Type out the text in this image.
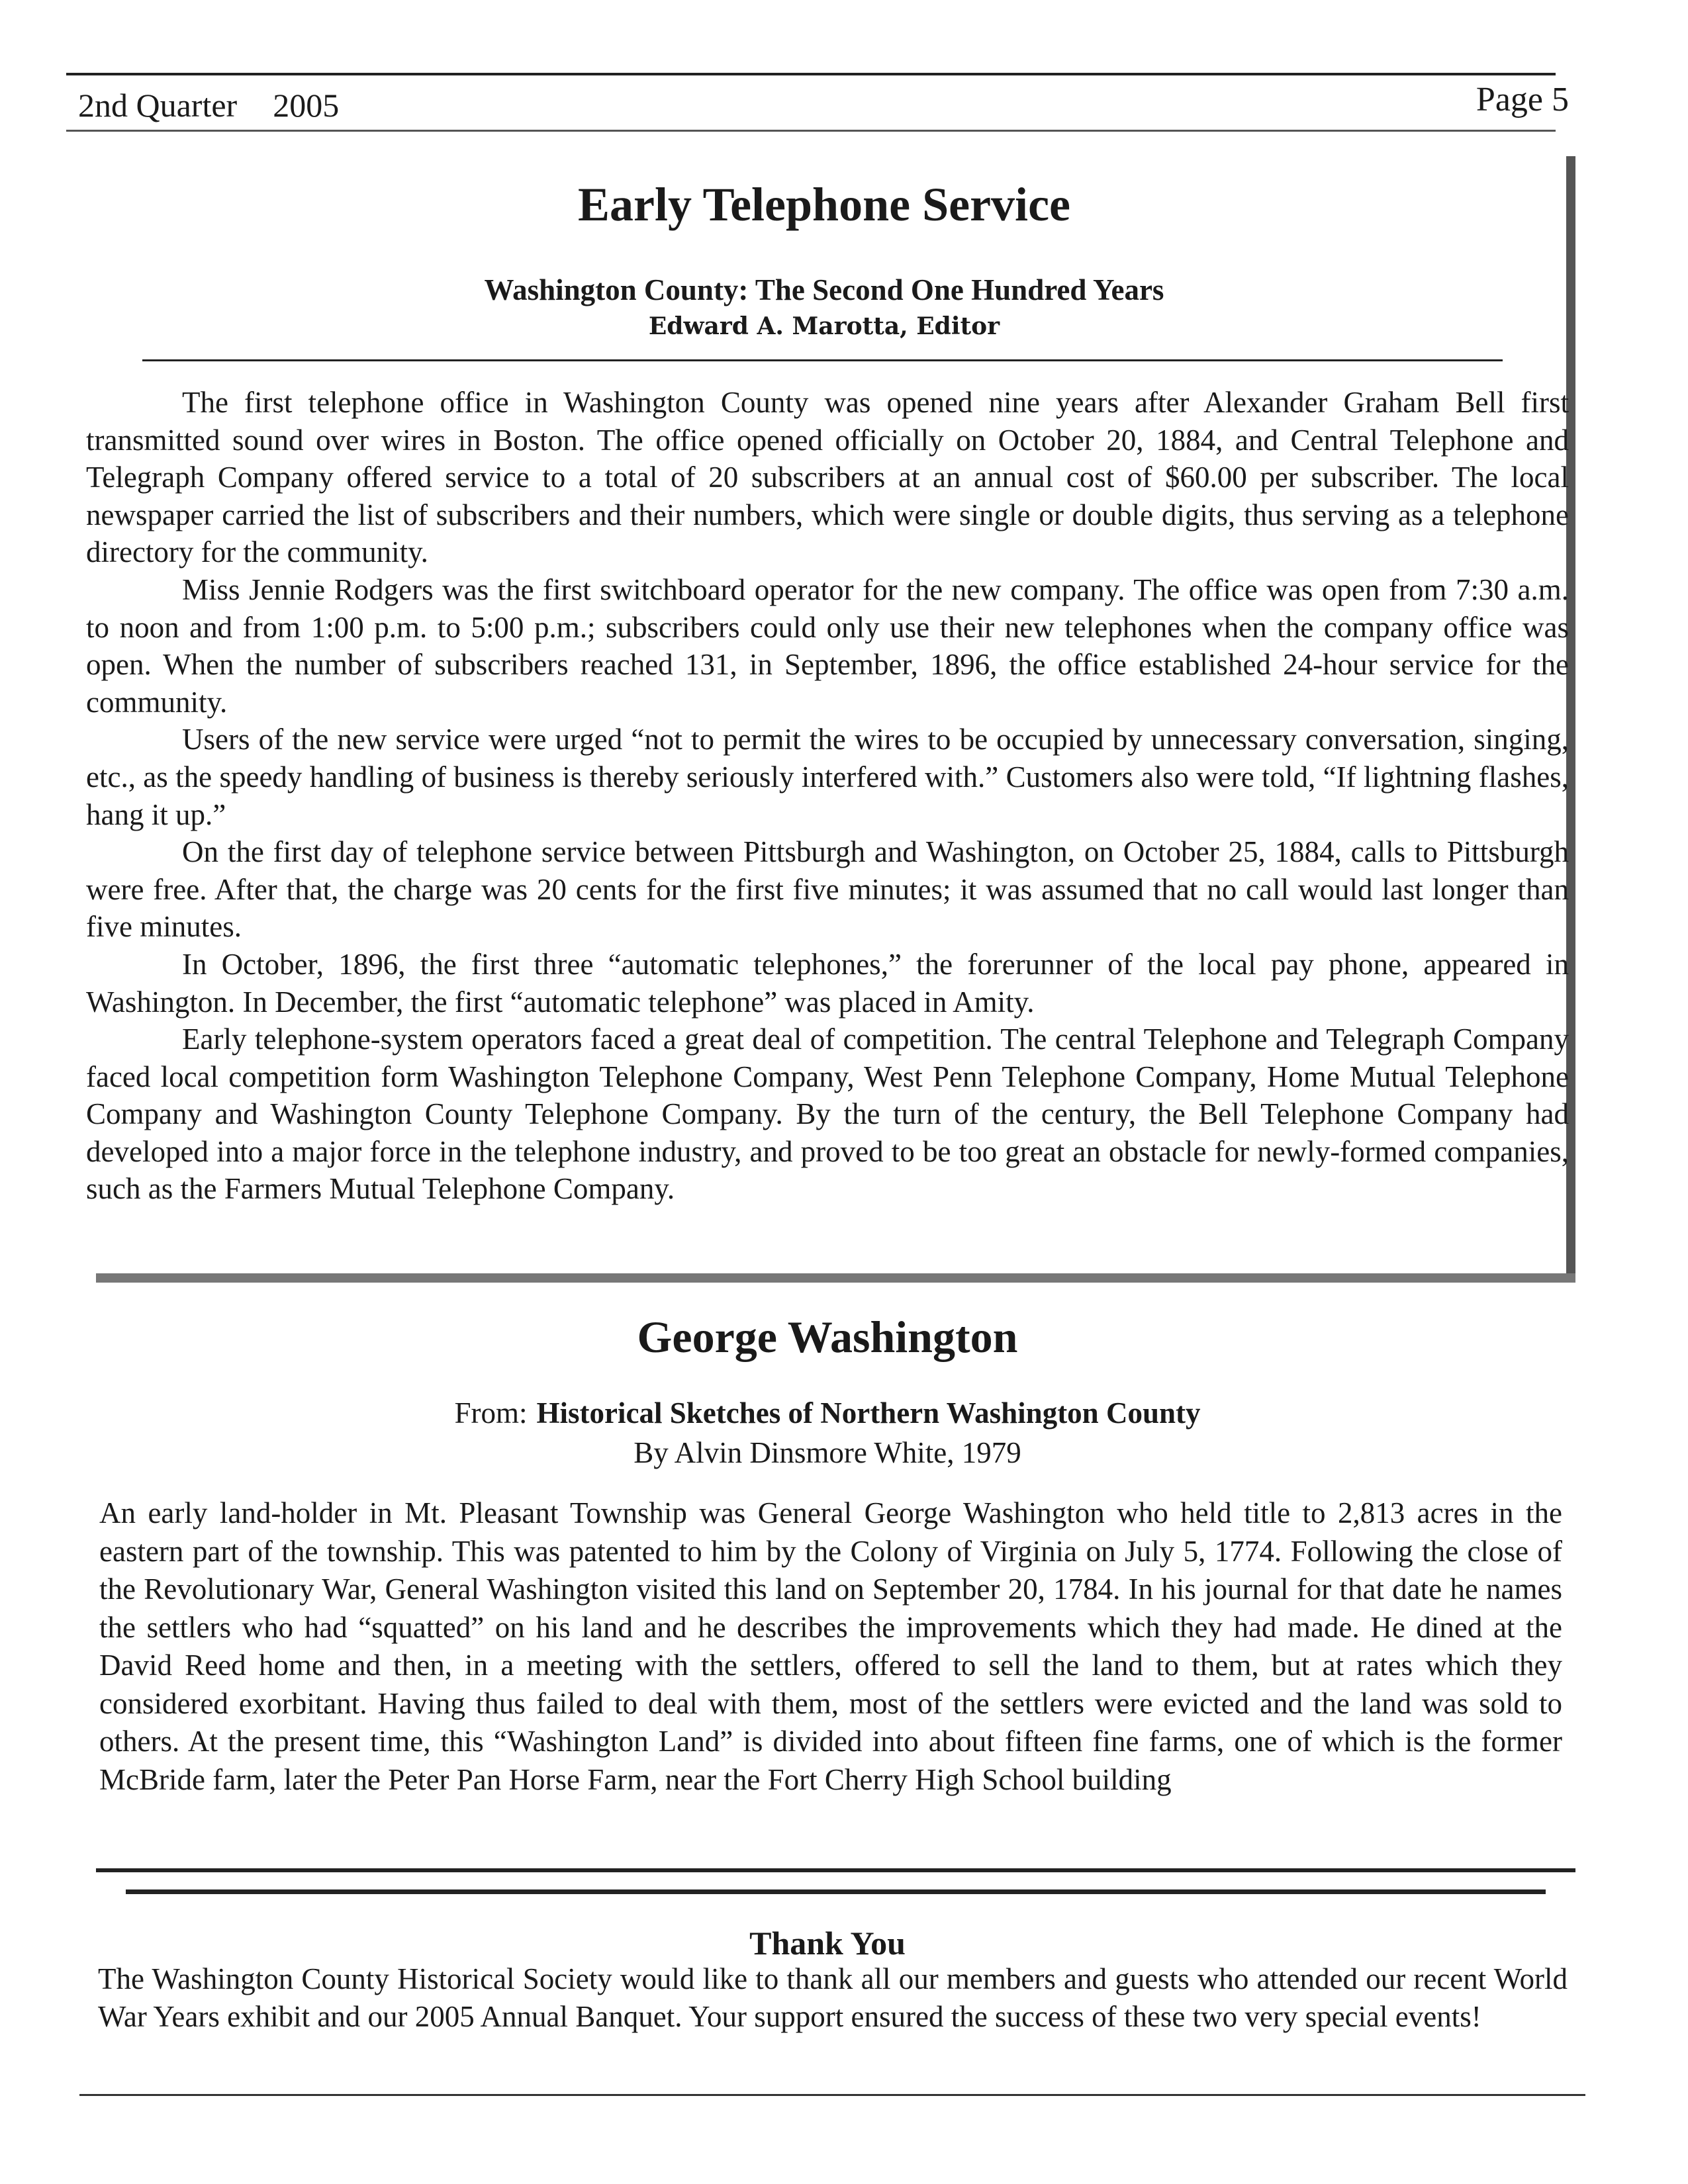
2nd Quarter 2005	Page 5
Early Telephone Service
Washington County: The Second One Hundred Years
Edward A. Marotta, Editor

The first telephone office in Washington County was opened nine years after Alexander Graham Bell first transmitted sound over wires in Boston. The office opened officially on October 20, 1884, and Central Telephone and Telegraph Company offered service to a total of 20 subscribers at an annual cost of $60.00 per subscriber. The local newspaper carried the list of subscribers and their numbers, which were single or double digits, thus serving as a telephone directory for the community.

Miss Jennie Rodgers was the first switchboard operator for the new company. The office was open from 7:30 a.m. to noon and from 1:00 p.m. to 5:00 p.m.; subscribers could only use their new telephones when the company office was open. When the number of subscribers reached 131, in September, 1896, the office established 24-hour service for the community.

Users of the new service were urged “not to permit the wires to be occupied by unnecessary conversation, singing, etc., as the speedy handling of business is thereby seriously interfered with.” Customers also were told, “If lightning flashes, hang it up.”

On the first day of telephone service between Pittsburgh and Washington, on October 25, 1884, calls to Pittsburgh were free. After that, the charge was 20 cents for the first five minutes; it was assumed that no call would last longer than five minutes.

In October, 1896, the first three “automatic telephones,” the forerunner of the local pay phone, appeared in Washington. In December, the first “automatic telephone” was placed in Amity.

Early telephone-system operators faced a great deal of competition. The central Telephone and Telegraph Company faced local competition form Washington Telephone Company, West Penn Telephone Company, Home Mutual Telephone Company and Washington County Telephone Company. By the turn of the century, the Bell Telephone Company had developed into a major force in the telephone industry, and proved to be too great an obstacle for newly-formed companies, such as the Farmers Mutual Telephone Company.

George Washington
From: Historical Sketches of Northern Washington County
By Alvin Dinsmore White, 1979

An early land-holder in Mt. Pleasant Township was General George Washington who held title to 2,813 acres in the eastern part of the township. This was patented to him by the Colony of Virginia on July 5, 1774. Following the close of the Revolutionary War, General Washington visited this land on September 20, 1784. In his journal for that date he names the settlers who had “squatted” on his land and he describes the improvements which they had made. He dined at the David Reed home and then, in a meeting with the settlers, offered to sell the land to them, but at rates which they considered exorbitant. Having thus failed to deal with them, most of the settlers were evicted and the land was sold to others. At the present time, this “Washington Land” is divided into about fifteen fine farms, one of which is the former McBride farm, later the Peter Pan Horse Farm, near the Fort Cherry High School building

Thank You

The Washington County Historical Society would like to thank all our members and guests who attended our recent World War Years exhibit and our 2005 Annual Banquet. Your support ensured the success of these two very special events!
